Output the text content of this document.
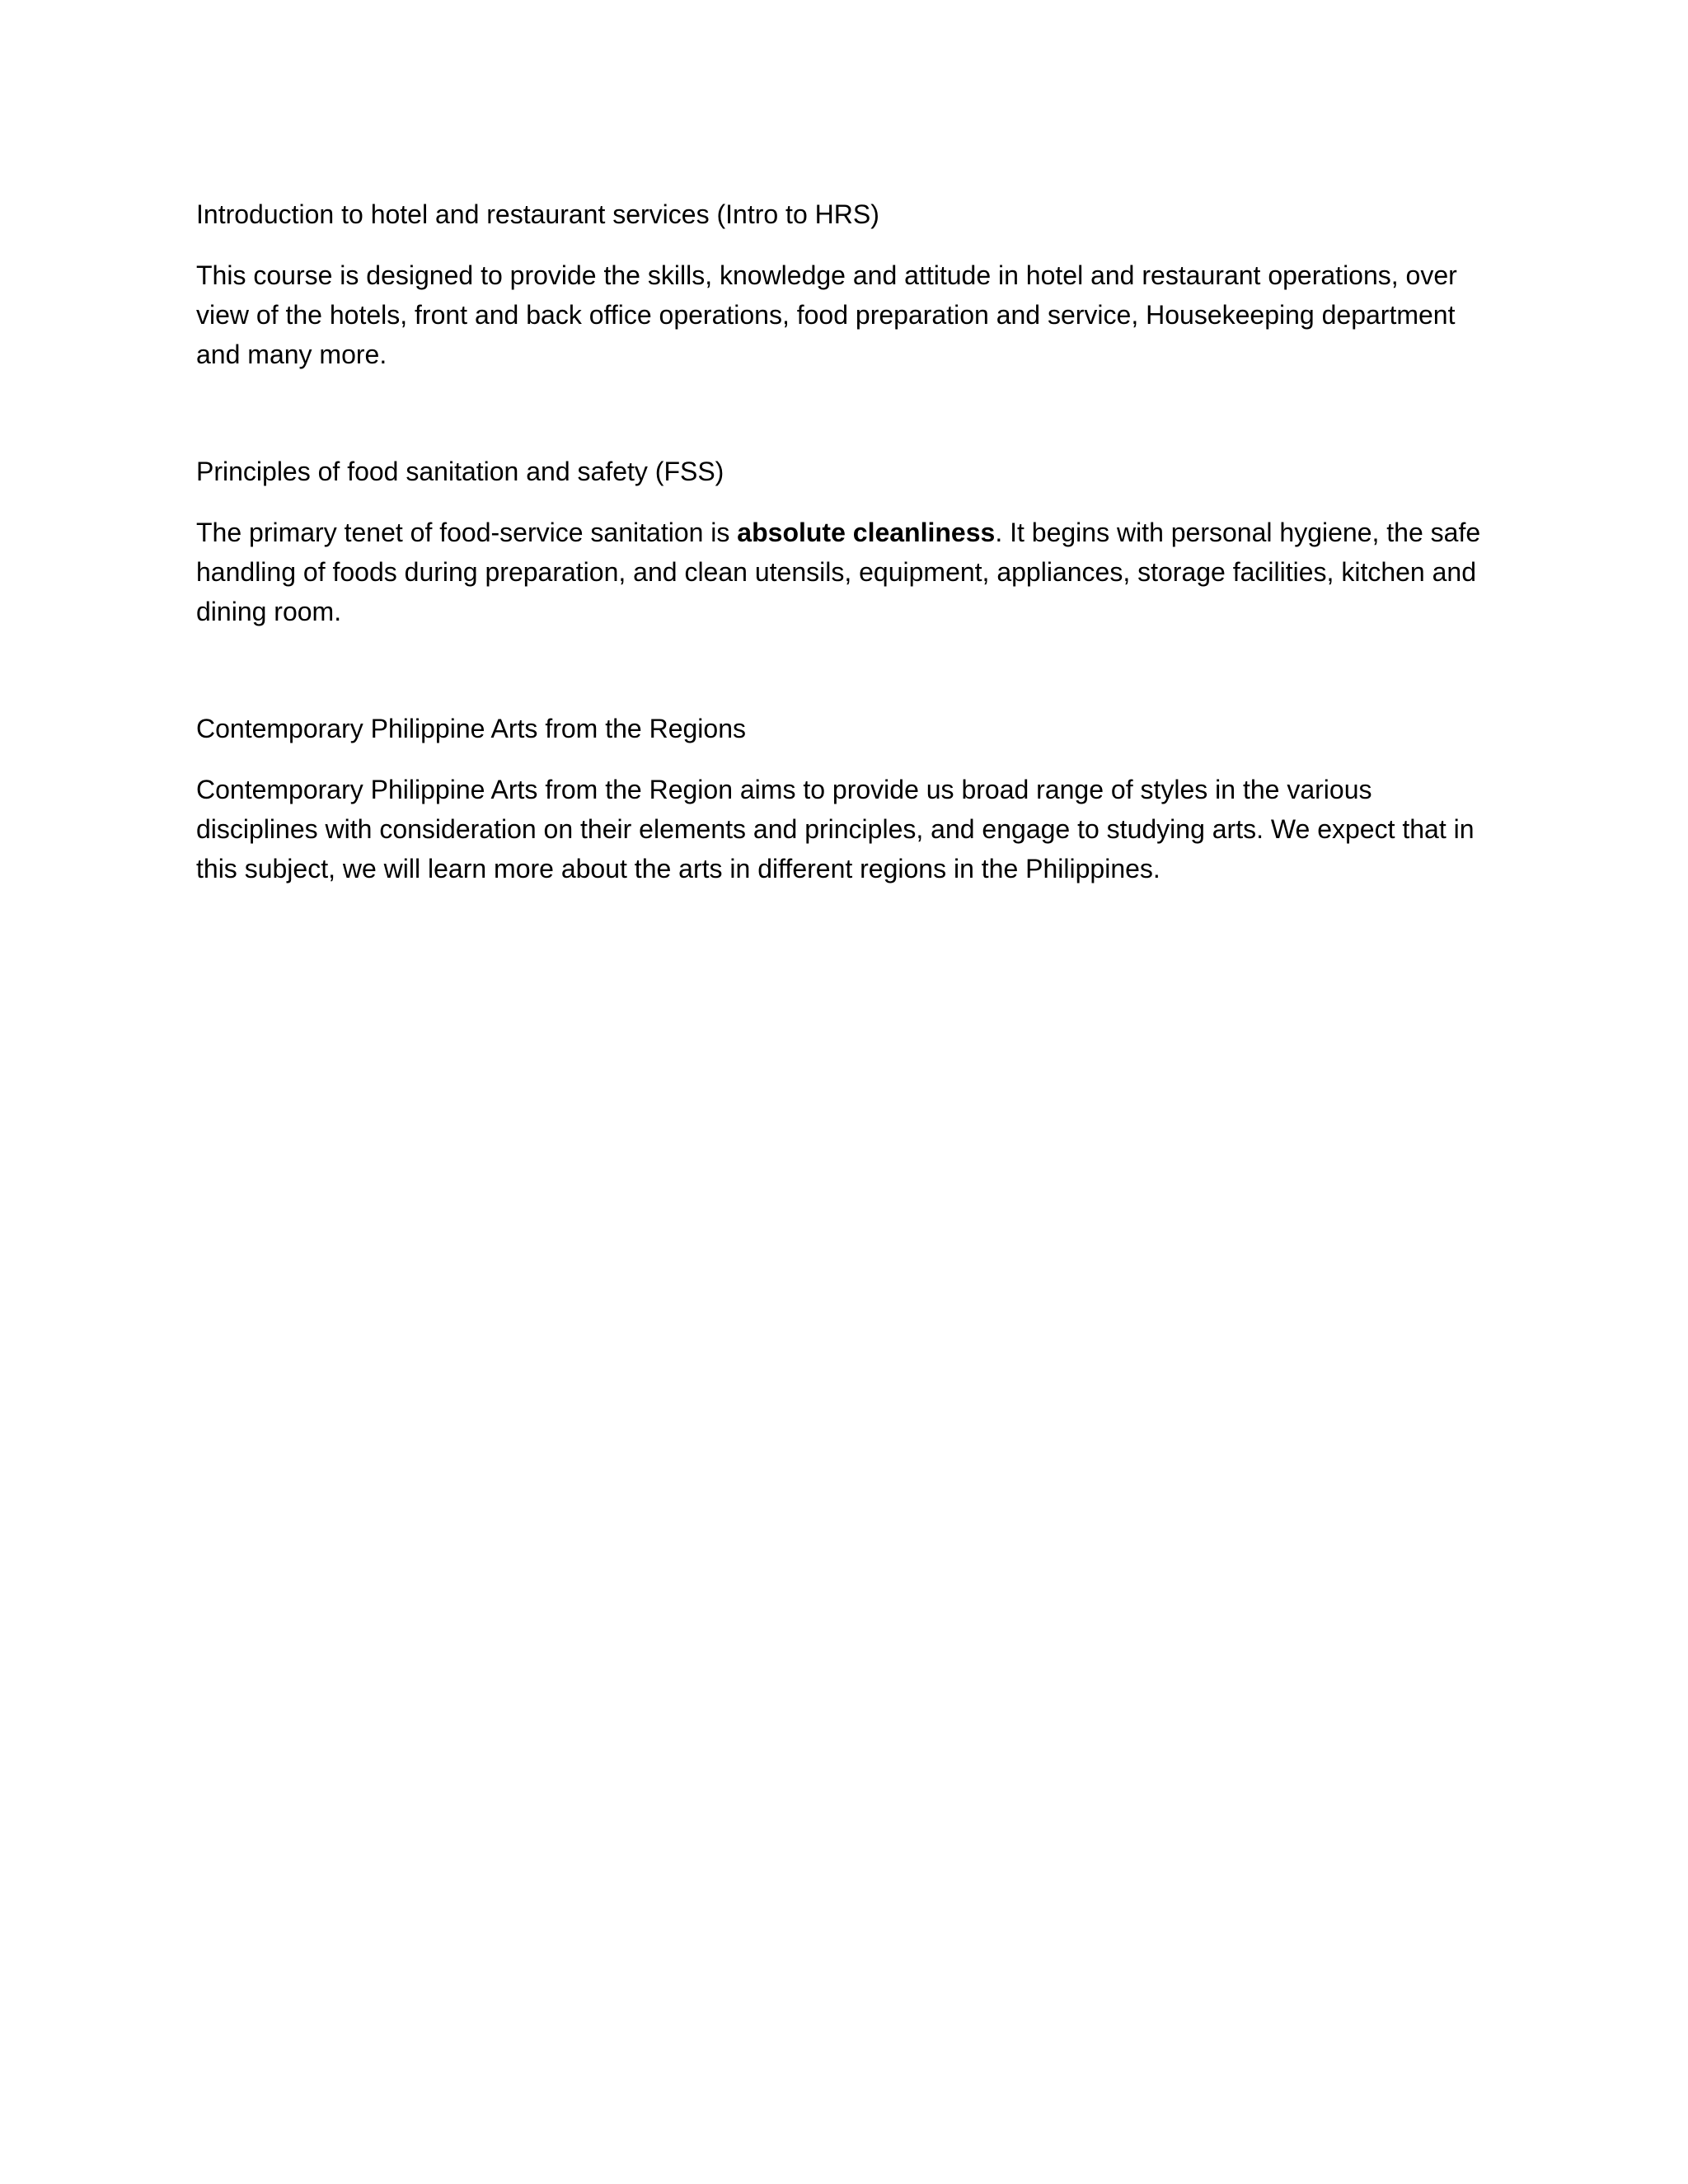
Introduction to hotel and restaurant services (Intro to HRS)

This course is designed to provide the skills, knowledge and attitude in hotel and restaurant operations, over view of the hotels, front and back office operations, food preparation and service, Housekeeping department and many more.

Principles of food sanitation and safety (FSS)

The primary tenet of food-service sanitation is absolute cleanliness. It begins with personal hygiene, the safe handling of foods during preparation, and clean utensils, equipment, appliances, storage facilities, kitchen and dining room.

Contemporary Philippine Arts from the Regions

Contemporary Philippine Arts from the Region aims to provide us broad range of styles in the various disciplines with consideration on their elements and principles, and engage to studying arts. We expect that in this subject, we will learn more about the arts in different regions in the Philippines.
